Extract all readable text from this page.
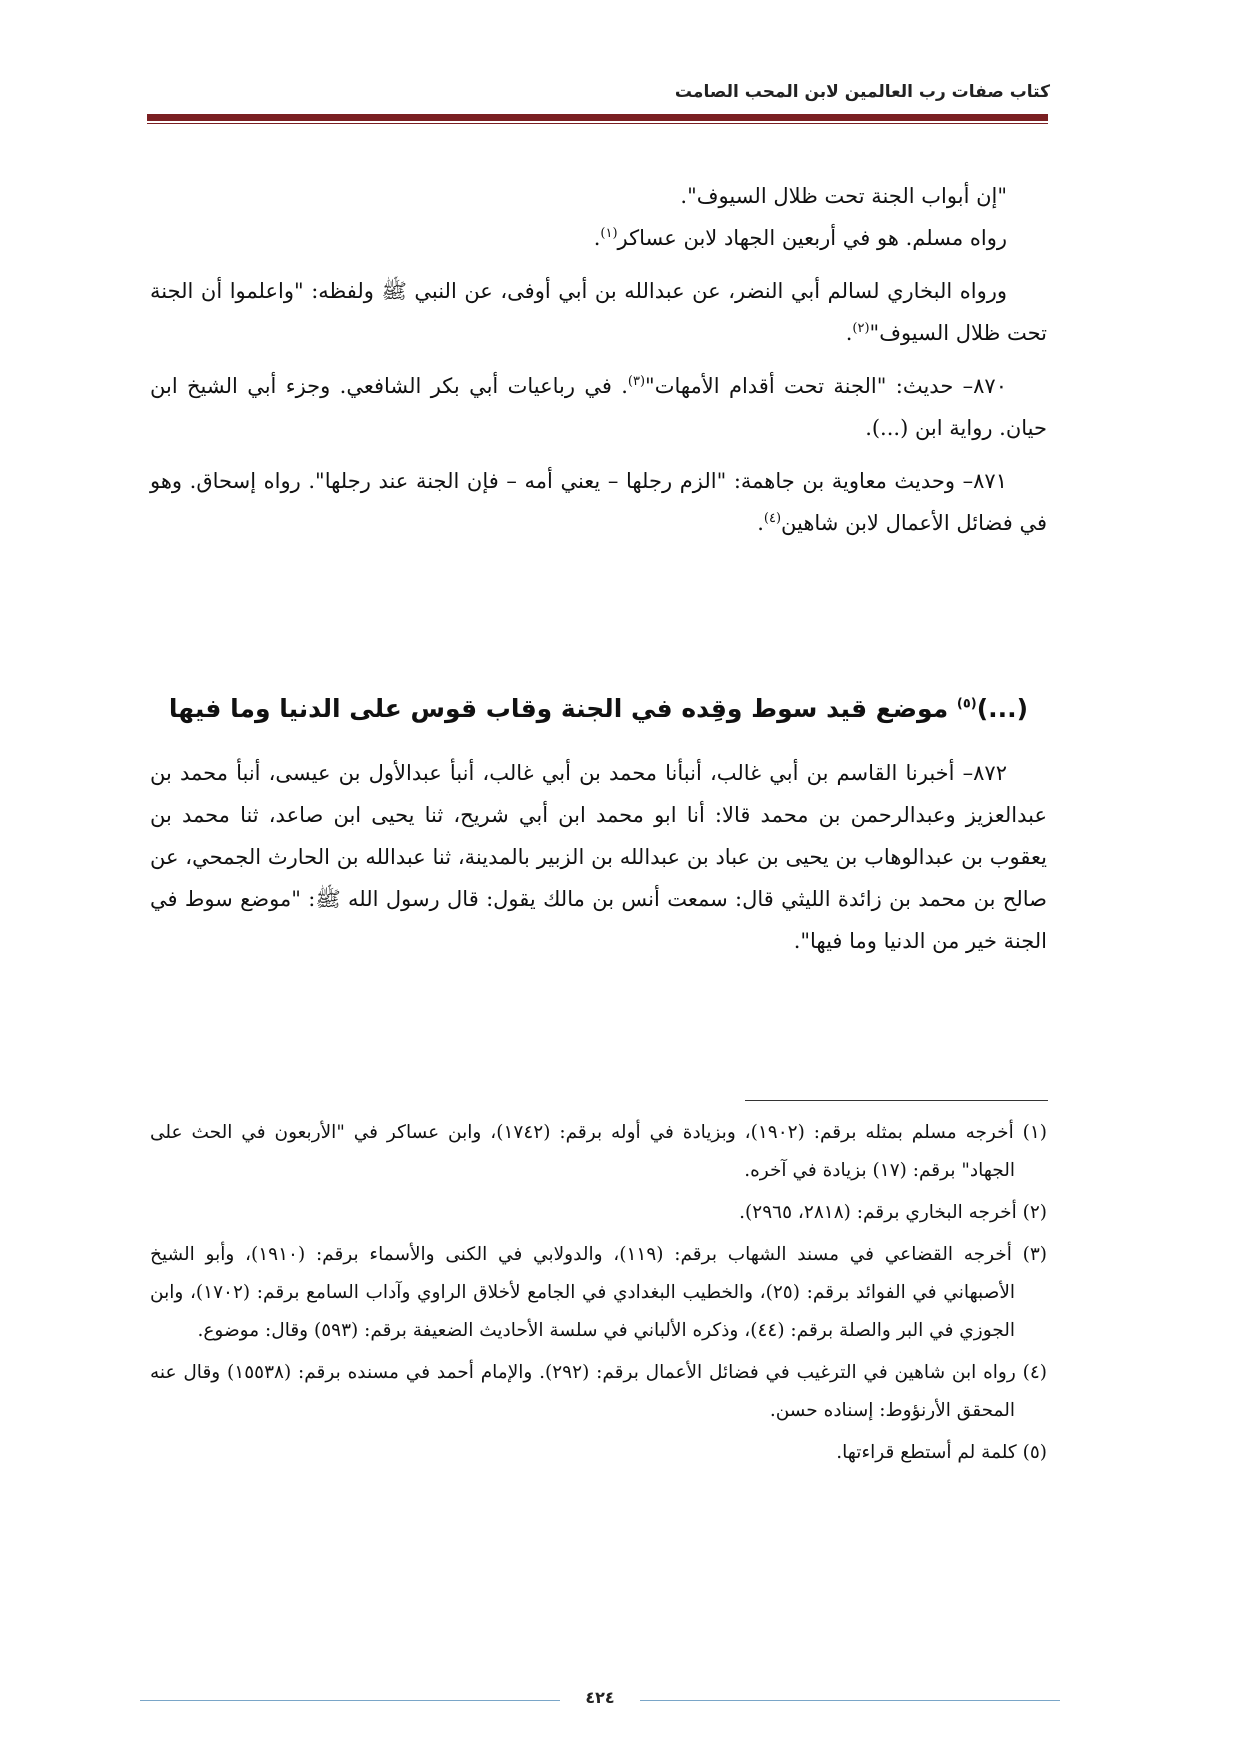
كتاب صفات رب العالمين لابن المحب الصامت

"إن أبواب الجنة تحت ظلال السيوف".

رواه مسلم. هو في أربعين الجهاد لابن عساكر$^{(١)}$.

ورواه البخاري لسالم أبي النضر، عن عبدالله بن أبي أوفى، عن النبي ﷺ ولفظه: "واعلموا أن الجنة تحت ظلال السيوف"$^{(٢)}$.

٨٧٠– حديث: "الجنة تحت أقدام الأمهات"$^{(٣)}$. في رباعيات أبي بكر الشافعي. وجزء أبي الشيخ ابن حيان. رواية ابن (...).

٨٧١– وحديث معاوية بن جاهمة: "الزم رجلها – يعني أمه – فإن الجنة عند رجلها". رواه إسحاق. وهو في فضائل الأعمال لابن شاهين$^{(٤)}$.

(...)$^{(٥)}$ موضع قيد سوط وقِده في الجنة وقاب قوس على الدنيا وما فيها

٨٧٢– أخبرنا القاسم بن أبي غالب، أنبأنا محمد بن أبي غالب، أنبأ عبدالأول بن عيسى، أنبأ محمد بن عبدالعزيز وعبدالرحمن بن محمد قالا: أنا ابو محمد ابن أبي شريح، ثنا يحيى ابن صاعد، ثنا محمد بن يعقوب بن عبدالوهاب بن يحيى بن عباد بن عبدالله بن الزبير بالمدينة، ثنا عبدالله بن الحارث الجمحي، عن صالح بن محمد بن زائدة الليثي قال: سمعت أنس بن مالك يقول: قال رسول الله ﷺ: "موضع سوط في الجنة خير من الدنيا وما فيها".

(١) أخرجه مسلم بمثله برقم: (١٩٠٢)، وبزيادة في أوله برقم: (١٧٤٢)، وابن عساكر في "الأربعون في الحث على الجهاد" برقم: (١٧) بزيادة في آخره.

(٢) أخرجه البخاري برقم: (٢٨١٨، ٢٩٦٥).

(٣) أخرجه القضاعي في مسند الشهاب برقم: (١١٩)، والدولابي في الكنى والأسماء برقم: (١٩١٠)، وأبو الشيخ الأصبهاني في الفوائد برقم: (٢٥)، والخطيب البغدادي في الجامع لأخلاق الراوي وآداب السامع برقم: (١٧٠٢)، وابن الجوزي في البر والصلة برقم: (٤٤)، وذكره الألباني في سلسة الأحاديث الضعيفة برقم: (٥٩٣) وقال: موضوع.

(٤) رواه ابن شاهين في الترغيب في فضائل الأعمال برقم: (٢٩٢). والإمام أحمد في مسنده برقم: (١٥٥٣٨) وقال عنه المحقق الأرنؤوط: إسناده حسن.

(٥) كلمة لم أستطع قراءتها.

٤٢٤
